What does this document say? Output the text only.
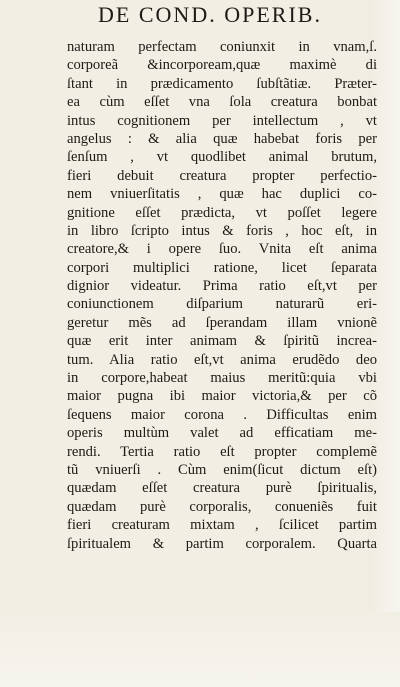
DE COND. OPERIB.
naturam perfectam coniunxit in vnam,ſ.
corporeã &incorpoream,quæ maximè di
ſtant in prædicamento ſubſtãtiæ. Præter-
ea cùm eſſet vna ſola creatura bonbat
intus cognitionem per intellectum , vt
angelus : & alia quæ habebat foris per
ſenſum , vt quodlibet animal brutum,
fieri debuit creatura propter perfectio-
nem vniuerſitatis , quæ hac duplici co-
gnitione eſſet prædicta, vt poſſet legere
in libro ſcripto intus & foris , hoc eſt, in
creatore,& i opere ſuo. Vnita eſt anima
corpori multiplici ratione, licet ſeparata
dignior videatur. Prima ratio eſt,vt per
coniunctionem diſparium naturarũ eri-
geretur mẽs ad ſperandam illam vnionẽ
quæ erit inter animam & ſpiritũ increa-
tum. Alia ratio eſt,vt anima erudẽdo deo
in corpore,habeat maius meritũ:quia vbi
maior pugna ibi maior victoria,& per cõ
ſequens maior corona . Difficultas enim
operis multùm valet ad efficatiam me-
rendi. Tertia ratio eſt propter complemẽ
tũ vniuerſi . Cùm enim(ſicut dictum eſt)
quædam eſſet creatura purè ſpiritualis,
quædam purè corporalis, conueniẽs fuit
fieri creaturam mixtam , ſcilicet partim
ſpiritualem & partim corporalem. Quarta
